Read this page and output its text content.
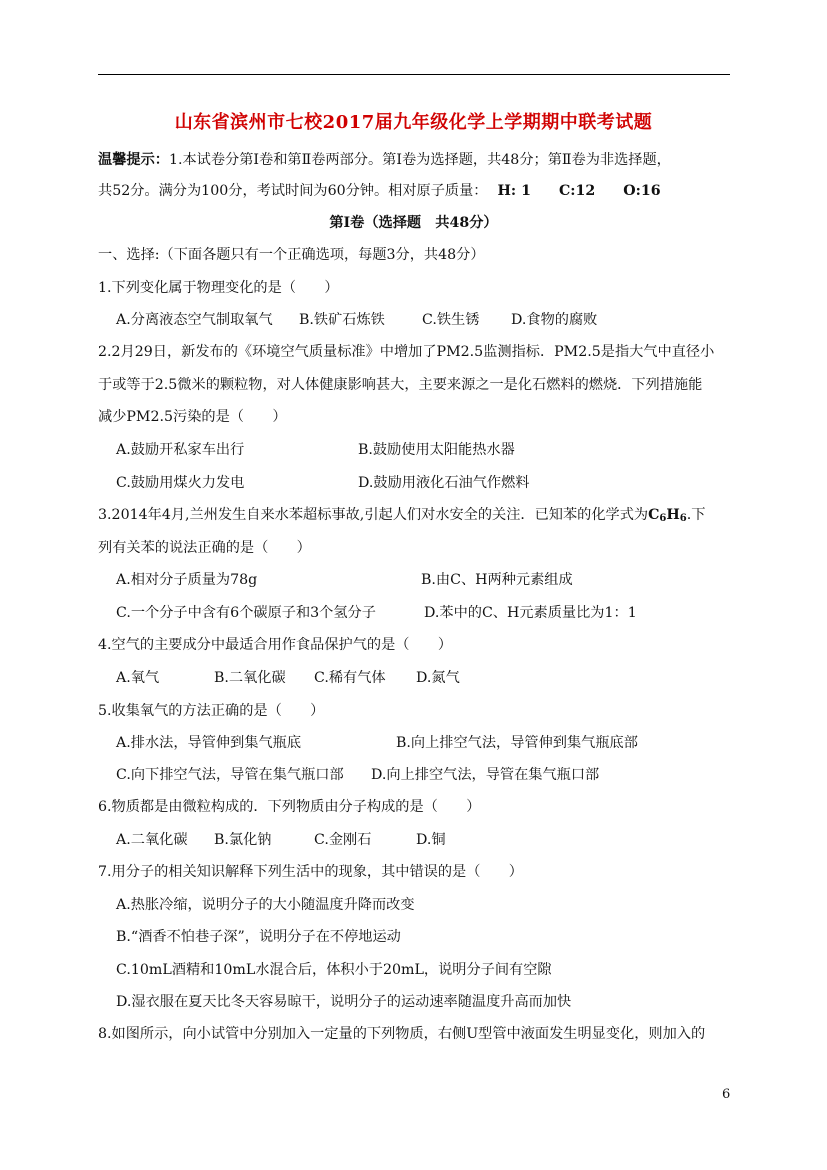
山东省滨州市七校2017届九年级化学上学期期中联考试题
温馨提示：1.本试卷分第Ⅰ卷和第Ⅱ卷两部分。第Ⅰ卷为选择题，共48分；第Ⅱ卷为非选择题，
共52分。满分为100分，考试时间为60分钟。相对原子质量： H: 1 C:12 O:16
第Ⅰ卷（选择题　共48分）
一、选择:（下面各题只有一个正确选项，每题3分，共48分）
1.下列变化属于物理变化的是（　　）
A.分离液态空气制取氧气 B.铁矿石炼铁	C.铁生锈 D.食物的腐败
2.2月29日，新发布的《环境空气质量标准》中增加了PM2.5监测指标．PM2.5是指大气中直径小
于或等于2.5微米的颗粒物，对人体健康影响甚大，主要来源之一是化石燃料的燃烧．下列措施能
减少PM2.5污染的是（　　）
A.鼓励开私家车出行	B.鼓励使用太阳能热水器
C.鼓励用煤火力发电	D.鼓励用液化石油气作燃料
3.2014年4月,兰州发生自来水苯超标事故,引起人们对水安全的关注．已知苯的化学式为$C_6H_6$.下
列有关苯的说法正确的是（　　）
A.相对分子质量为78g	B.由C、H两种元素组成
C.一个分子中含有6个碳原子和3个氢分子	D.苯中的C、H元素质量比为1：1
4.空气的主要成分中最适合用作食品保护气的是（　　）
A.氧气	B.二氧化碳 C.稀有气体 D.氮气
5.收集氧气的方法正确的是（　　）
A.排水法，导管伸到集气瓶底	B.向上排空气法，导管伸到集气瓶底部
C.向下排空气法，导管在集气瓶口部 D.向上排空气法，导管在集气瓶口部
6.物质都是由微粒构成的．下列物质由分子构成的是（　　）
A.二氧化碳 B.氯化钠	C.金刚石	D.铜
7.用分子的相关知识解释下列生活中的现象，其中错误的是（　　）
A.热胀冷缩，说明分子的大小随温度升降而改变
B.“酒香不怕巷子深”，说明分子在不停地运动
C.10mL酒精和10mL水混合后，体积小于20mL，说明分子间有空隙
D.湿衣服在夏天比冬天容易晾干，说明分子的运动速率随温度升高而加快
8.如图所示，向小试管中分别加入一定量的下列物质，右侧U型管中液面发生明显变化，则加入的
6
